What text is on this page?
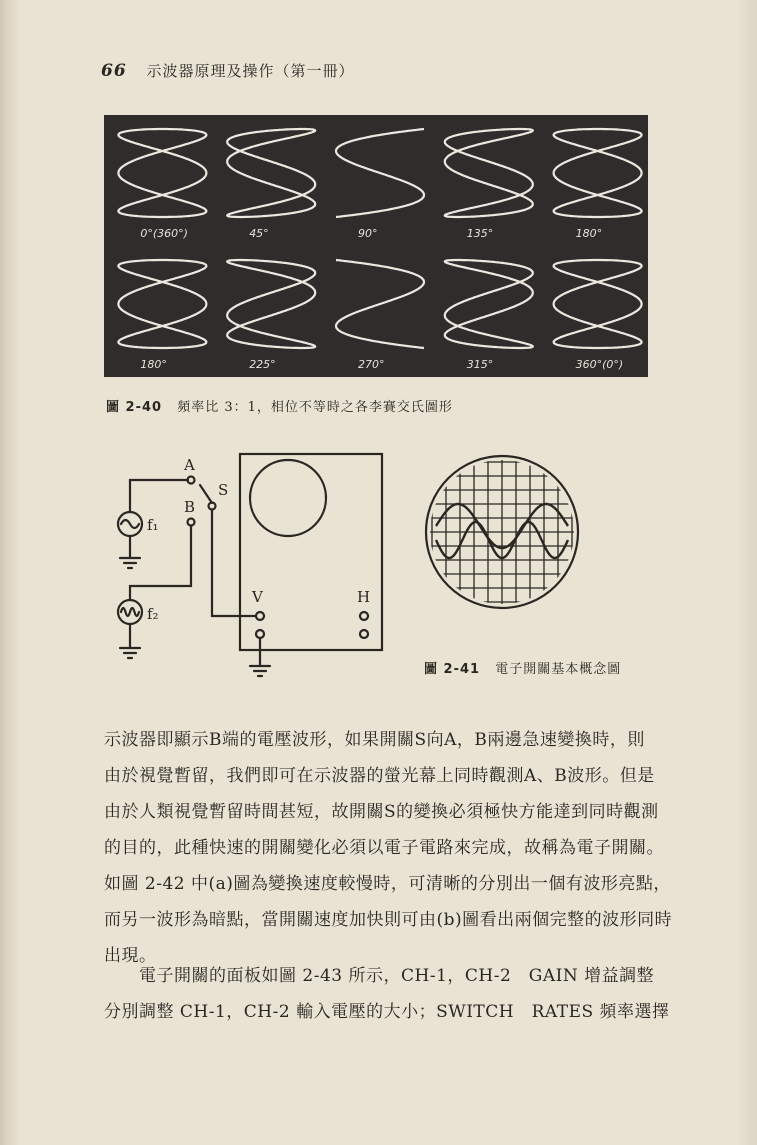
66 示波器原理及操作（第一冊）
0°(360°)	45°	90°	135°	180°
180°	225°	270°	315°	360°(0°)
圖 2-40 頻率比 3：1，相位不等時之各李賽交氏圖形
A
B
S
f₁
f₂
V	H
圖 2-41 電子開關基本概念圖
示波器即顯示B端的電壓波形，如果開關S向A，B兩邊急速變換時，則
由於視覺暫留，我們即可在示波器的螢光幕上同時觀測A、B波形。但是
由於人類視覺暫留時間甚短，故開關S的變換必須極快方能達到同時觀測
的目的，此種快速的開關變化必須以電子電路來完成，故稱為電子開關。
如圖 2-42 中(a)圖為變換速度較慢時，可清晰的分別出一個有波形亮點，
而另一波形為暗點，當開關速度加快則可由(b)圖看出兩個完整的波形同時
出現。
　　電子開關的面板如圖 2-43 所示，CH-1，CH-2　GAIN 增益調整
分別調整 CH-1，CH-2 輸入電壓的大小；SWITCH　RATES 頻率選擇
